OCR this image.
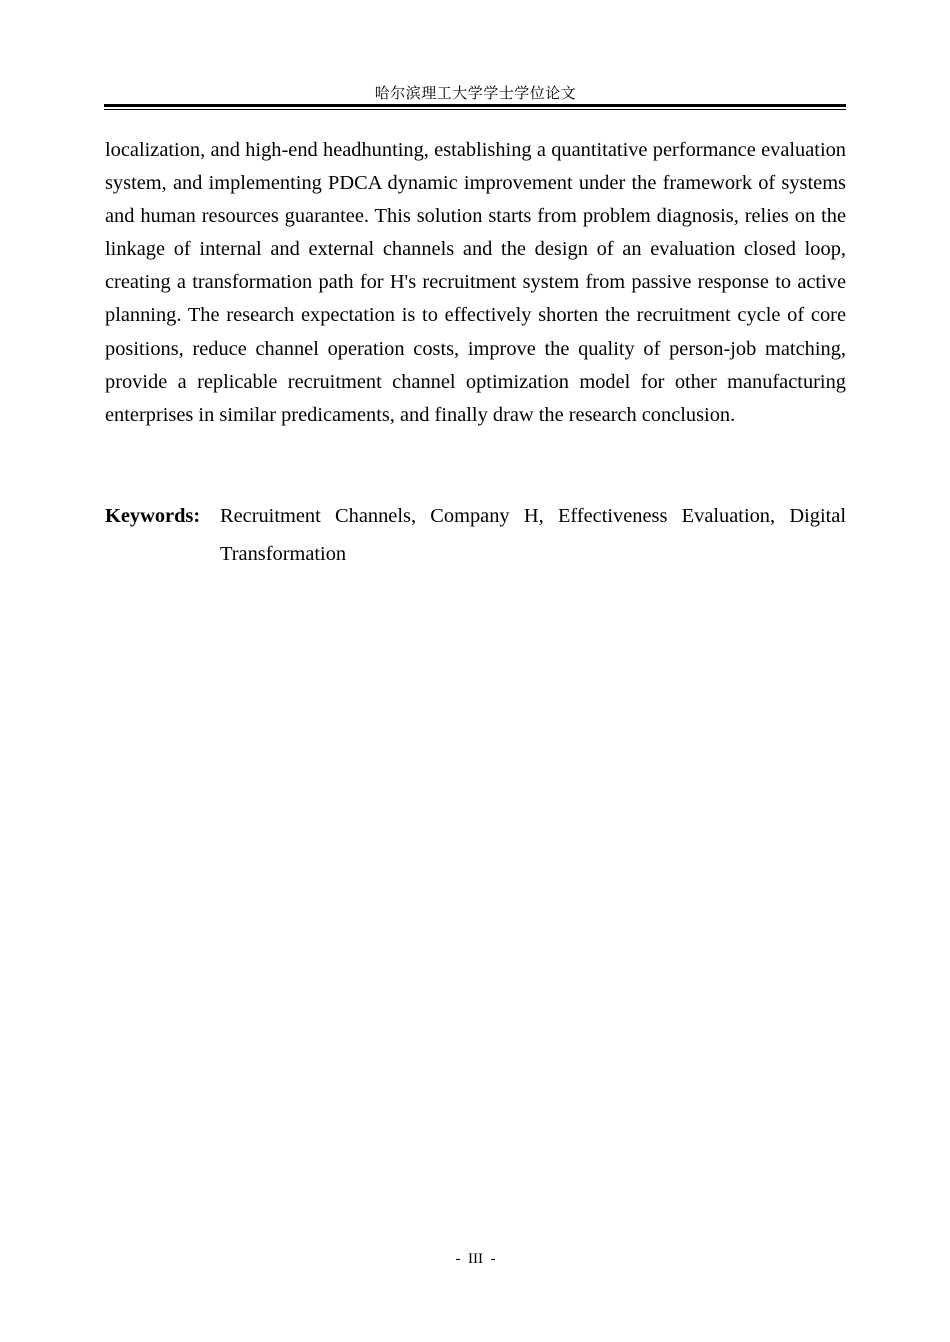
哈尔滨理工大学学士学位论文

localization, and high-end headhunting, establishing a quantitative performance evaluation system, and implementing PDCA dynamic improvement under the framework of systems and human resources guarantee. This solution starts from problem diagnosis, relies on the linkage of internal and external channels and the design of an evaluation closed loop, creating a transformation path for H's recruitment system from passive response to active planning. The research expectation is to effectively shorten the recruitment cycle of core positions, reduce channel operation costs, improve the quality of person-job matching, provide a replicable recruitment channel optimization model for other manufacturing enterprises in similar predicaments, and finally draw the research conclusion.

Keywords: Recruitment Channels, Company H, Effectiveness Evaluation, Digital Transformation
-  III  -
